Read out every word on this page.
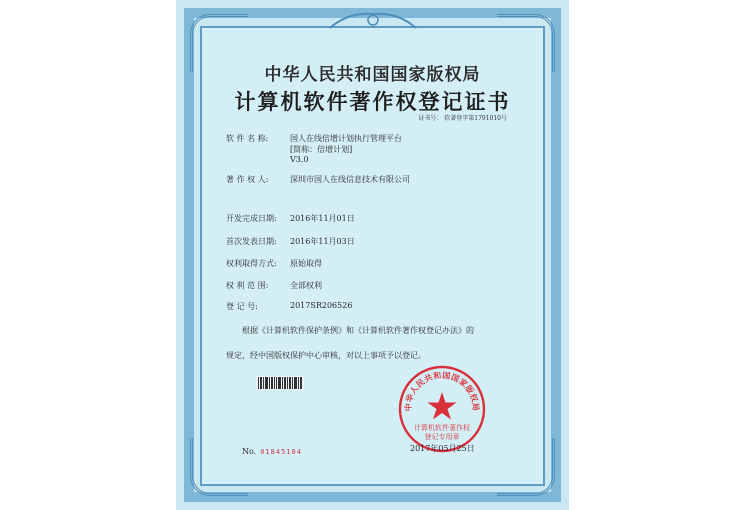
中华人民共和国国家版权局
计算机软件著作权登记证书
证书号： 软著登字第1791010号
软 件 名 称:	国人在线倍增计划执行管理平台
[简称：倍增计划]
V3.0
著 作 权 人:	深圳市国人在线信息技术有限公司
开发完成日期: 2016年11月01日
首次发表日期: 2016年11月03日
权利取得方式: 原始取得
权 利 范 围:	全部权利
登 记 号:	2017SR206526
根据《计算机软件保护条例》和《计算机软件著作权登记办法》的
规定，经中国版权保护中心审核，对以上事项予以登记。
No. 01845104
中华人民共和国国家版权局
计算机软件著作权
登记专用章
2017年05月25日
